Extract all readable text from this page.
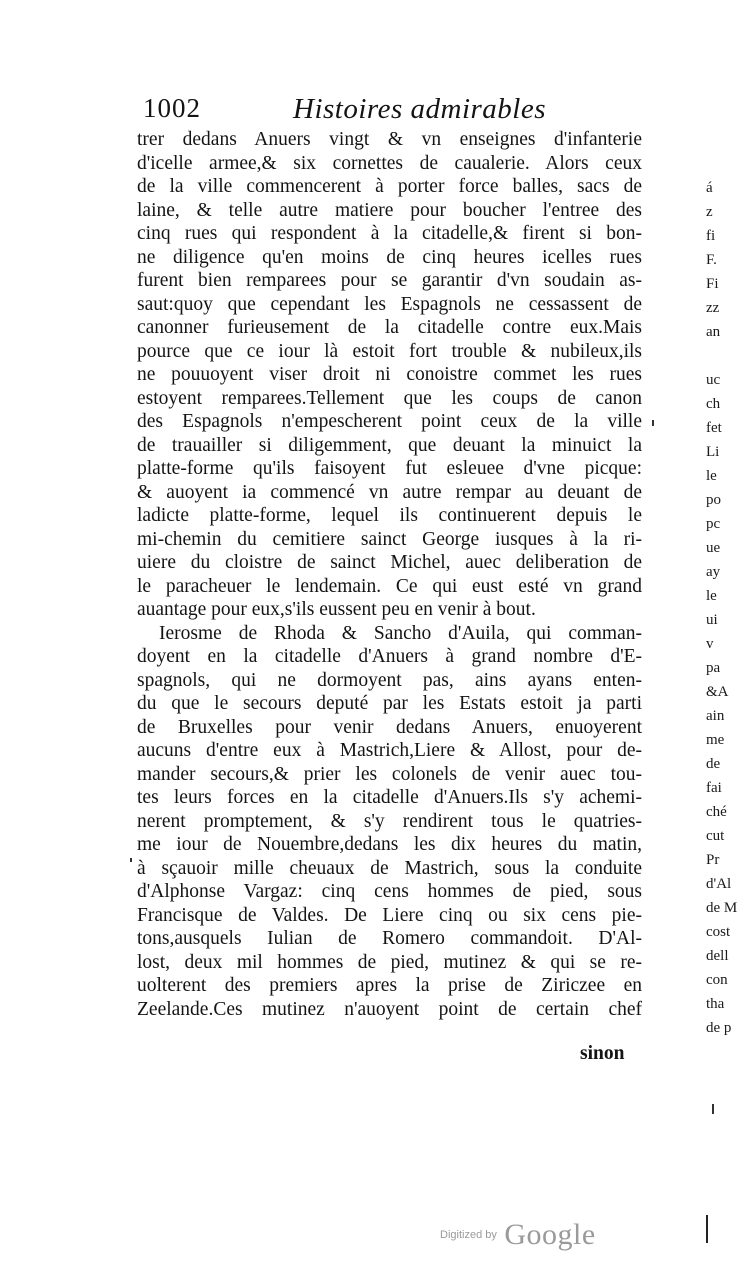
1002	Histoires admirables
trer dedans Anuers vingt & vn enseignes d'infanterie
d'icelle armee,& six cornettes de caualerie. Alors ceux
de la ville commencerent à porter force balles, sacs de
laine, & telle autre matiere pour boucher l'entree des
cinq rues qui respondent à la citadelle,& firent si bon-
ne diligence qu'en moins de cinq heures icelles rues
furent bien remparees pour se garantir d'vn soudain as-
saut:quoy que cependant les Espagnols ne cessassent de
canonner furieusement de la citadelle contre eux.Mais
pource que ce iour là estoit fort trouble & nubileux,ils
ne pouuoyent viser droit ni conoistre commet les rues
estoyent remparees.Tellement que les coups de canon
des Espagnols n'empescherent point ceux de la ville
de trauailler si diligemment, que deuant la minuict la
platte-forme qu'ils faisoyent fut esleuee d'vne picque:
& auoyent ia commencé vn autre rempar au deuant de
ladicte platte-forme, lequel ils continuerent depuis le
mi-chemin du cemitiere sainct George iusques à la ri-
uiere du cloistre de sainct Michel, auec deliberation de
le paracheuer le lendemain. Ce qui eust esté vn grand
auantage pour eux,s'ils eussent peu en venir à bout.
Ierosme de Rhoda & Sancho d'Auila, qui comman-
doyent en la citadelle d'Anuers à grand nombre d'E-
spagnols, qui ne dormoyent pas, ains ayans enten-
du que le secours deputé par les Estats estoit ja parti
de Bruxelles pour venir dedans Anuers, enuoyerent
aucuns d'entre eux à Mastrich,Liere & Allost, pour de-
mander secours,& prier les colonels de venir auec tou-
tes leurs forces en la citadelle d'Anuers.Ils s'y achemi-
nerent promptement, & s'y rendirent tous le quatries-
me iour de Nouembre,dedans les dix heures du matin,
à sçauoir mille cheuaux de Mastrich, sous la conduite
d'Alphonse Vargaz: cinq cens hommes de pied, sous
Francisque de Valdes. De Liere cinq ou six cens pie-
tons,ausquels Iulian de Romero commandoit. D'Al-
lost, deux mil hommes de pied, mutinez & qui se re-
uolterent des premiers apres la prise de Ziriczee en
Zeelande.Ces mutinez n'auoyent point de certain chef
sinon
á
z
fi
F.
Fi
zz
an
uc
ch
fet
Li
le
po
pc
ue
ay
le
ui
v
pa
&A
ain
me
de
fai
ché
cut
Pr
d'Al
de M
cost
dell
con
tha
de p
Digitized by Google
